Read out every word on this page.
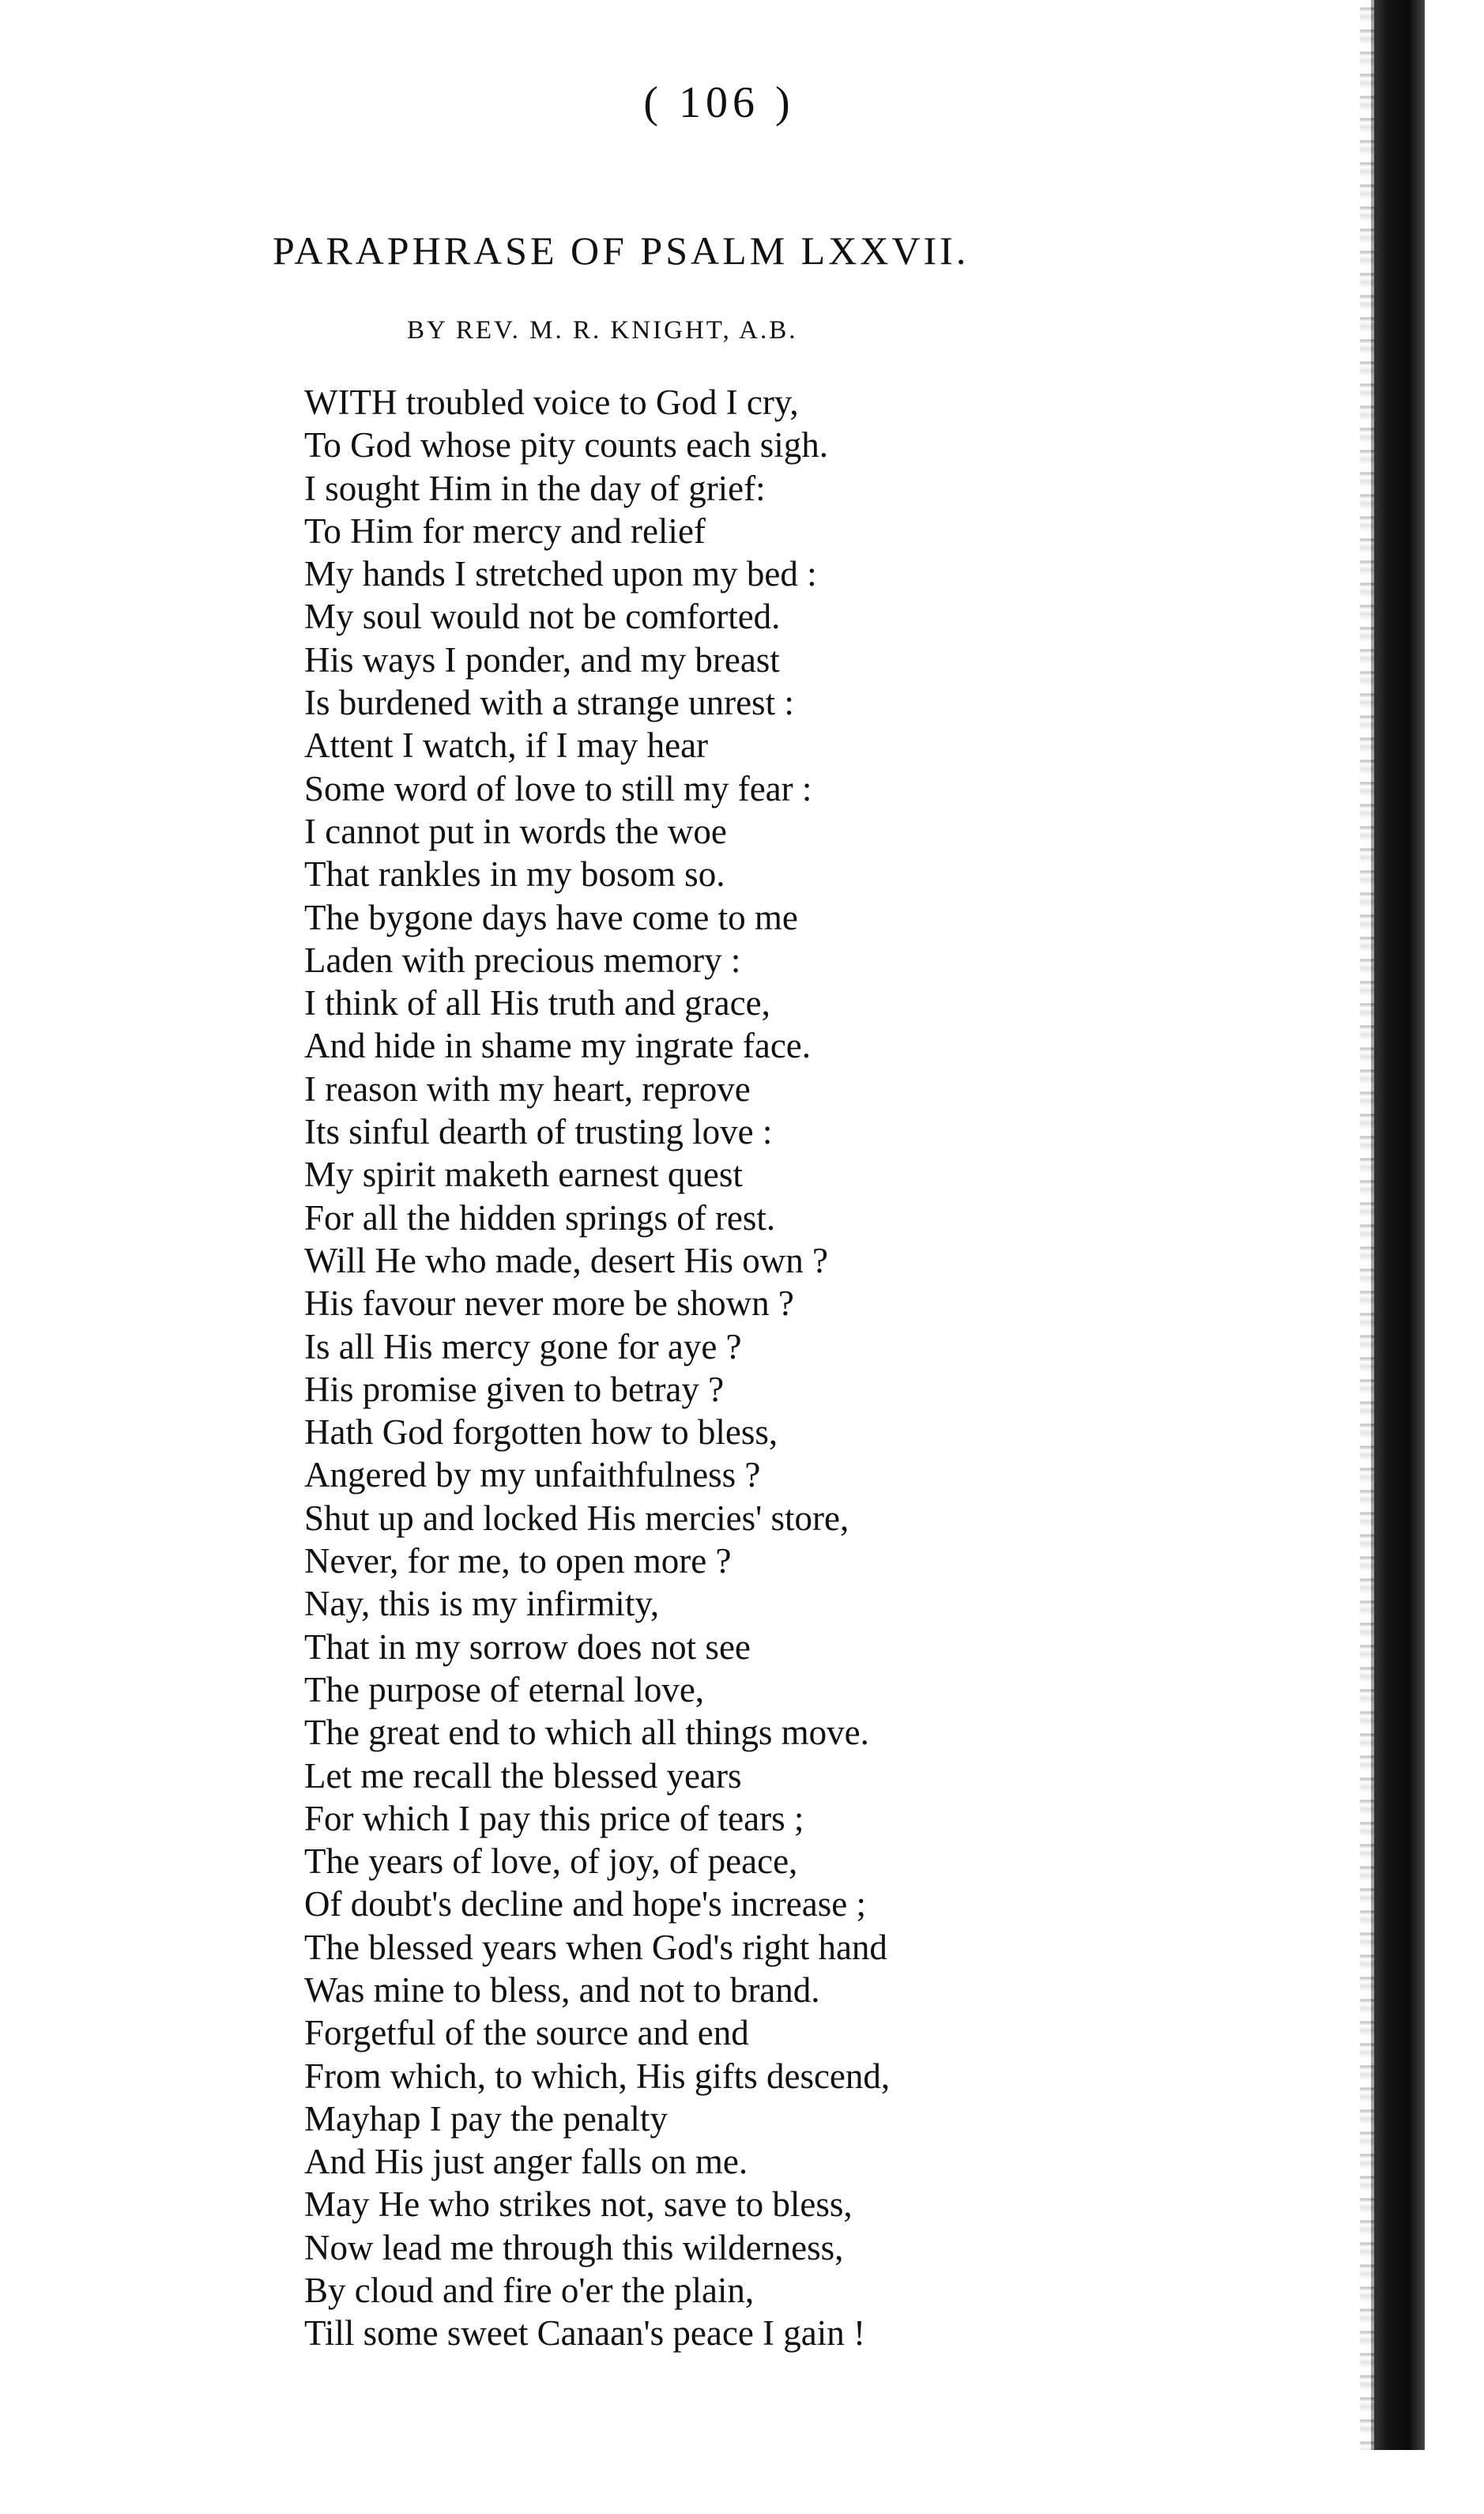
( 106 )
PARAPHRASE OF PSALM LXXVII.
BY REV. M. R. KNIGHT, A.B.
WITH troubled voice to God I cry,
To God whose pity counts each sigh.
I sought Him in the day of grief:
To Him for mercy and relief
My hands I stretched upon my bed :
My soul would not be comforted.
His ways I ponder, and my breast
Is burdened with a strange unrest :
Attent I watch, if I may hear
Some word of love to still my fear :
I cannot put in words the woe
That rankles in my bosom so.
The bygone days have come to me
Laden with precious memory :
I think of all His truth and grace,
And hide in shame my ingrate face.
I reason with my heart, reprove
Its sinful dearth of trusting love :
My spirit maketh earnest quest
For all the hidden springs of rest.
Will He who made, desert His own ?
His favour never more be shown ?
Is all His mercy gone for aye ?
His promise given to betray ?
Hath God forgotten how to bless,
Angered by my unfaithfulness ?
Shut up and locked His mercies' store,
Never, for me, to open more ?
Nay, this is my infirmity,
That in my sorrow does not see
The purpose of eternal love,
The great end to which all things move.
Let me recall the blessed years
For which I pay this price of tears ;
The years of love, of joy, of peace,
Of doubt's decline and hope's increase ;
The blessed years when God's right hand
Was mine to bless, and not to brand.
Forgetful of the source and end
From which, to which, His gifts descend,
Mayhap I pay the penalty
And His just anger falls on me.
May He who strikes not, save to bless,
Now lead me through this wilderness,
By cloud and fire o'er the plain,
Till some sweet Canaan's peace I gain !
